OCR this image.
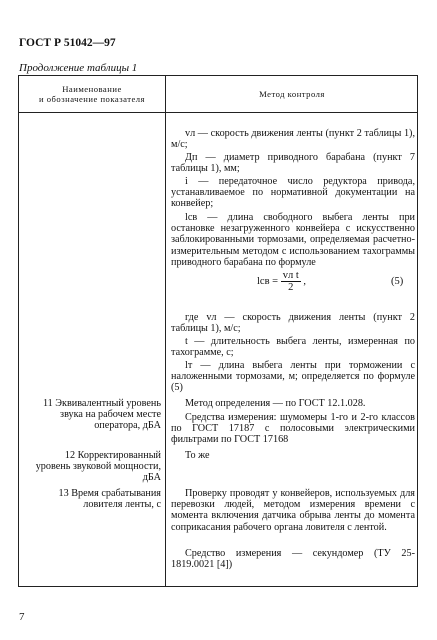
ГОСТ Р 51042—97
Продолжение таблицы 1
Наименование
и обозначение показателя
Метод контроля

vл — скорость движения ленты (пункт 2 таблицы 1), м/с;

Дп — диаметр приводного барабана (пункт 7 таблицы 1), мм;

i — передаточное число редуктора привода, устанавливаемое по нормативной документации на конвейер;

lсв — длина свободного выбега ленты при остановке незагруженного конвейера с искусственно заблокированными тормозами, определяемая расчетно-измерительным методом с использованием тахограммы приводного барабана по формуле

lсв = $\frac{\text{vл t}}{2}$ ,	(5)

где vл — скорость движения ленты (пункт 2 таблицы 1), м/с;

t — длительность выбега ленты, измеренная по тахограмме, с;

lт — длина выбега ленты при торможении с наложенными тормозами, м; определяется по формуле (5)

Метод определения — по ГОСТ 12.1.028.

Средства измерения: шумомеры 1-го и 2-го классов по ГОСТ 17187 с полосовыми электрическими фильтрами по ГОСТ 17168

То же

Проверку проводят у конвейеров, используемых для перевозки людей, методом измерения времени с момента включения датчика обрыва ленты до момента соприкасания рабочего органа ловителя с лентой.

Средство измерения — секундомер (ТУ 25-1819.0021 [4])

11 Эквивалентный уровень звука на рабочем месте оператора, дБА

12 Корректированный уровень звуковой мощности, дБА

13 Время срабатывания ловителя ленты, с

7
